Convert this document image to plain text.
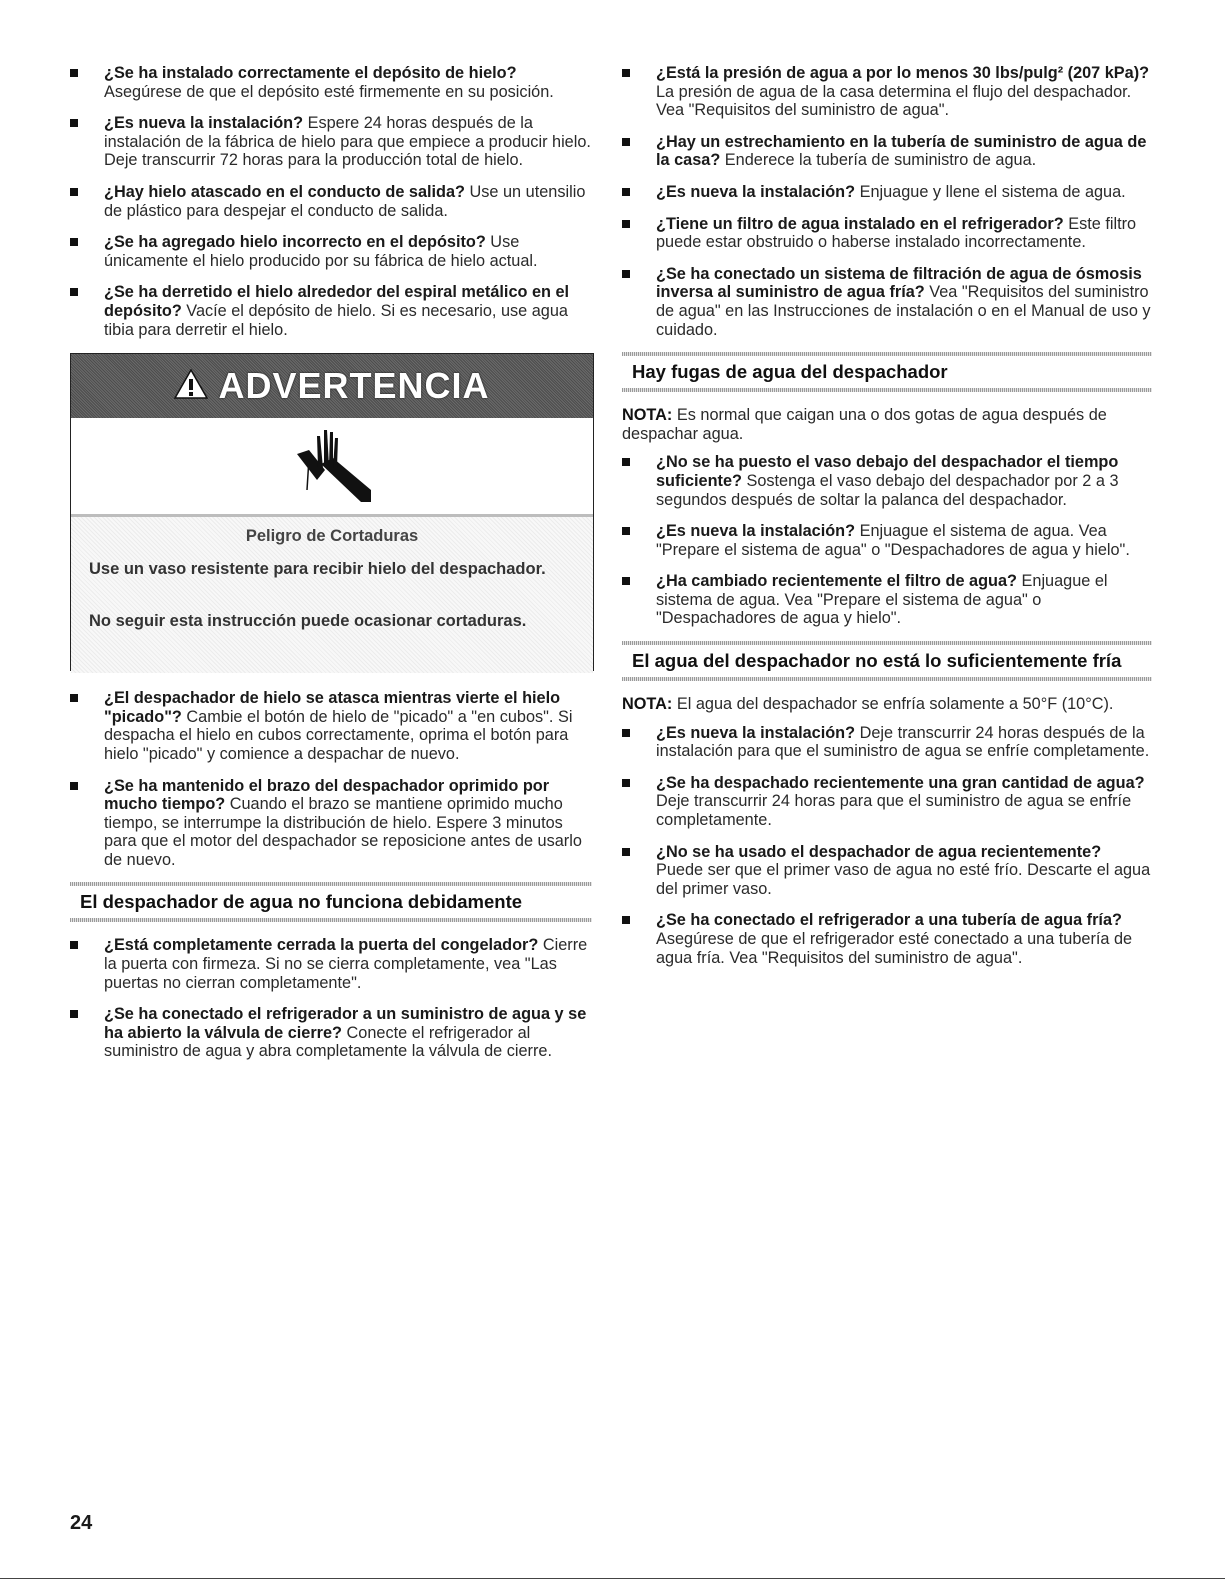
¿Se ha instalado correctamente el depósito de hielo? Asegúrese de que el depósito esté firmemente en su posición.
¿Es nueva la instalación? Espere 24 horas después de la instalación de la fábrica de hielo para que empiece a producir hielo. Deje transcurrir 72 horas para la producción total de hielo.
¿Hay hielo atascado en el conducto de salida? Use un utensilio de plástico para despejar el conducto de salida.
¿Se ha agregado hielo incorrecto en el depósito? Use únicamente el hielo producido por su fábrica de hielo actual.
¿Se ha derretido el hielo alrededor del espiral metálico en el depósito? Vacíe el depósito de hielo. Si es necesario, use agua tibia para derretir el hielo.
ADVERTENCIA
Peligro de Cortaduras
Use un vaso resistente para recibir hielo del despachador.
No seguir esta instrucción puede ocasionar cortaduras.
¿El despachador de hielo se atasca mientras vierte el hielo "picado"? Cambie el botón de hielo de "picado" a "en cubos". Si despacha el hielo en cubos correctamente, oprima el botón para hielo "picado" y comience a despachar de nuevo.
¿Se ha mantenido el brazo del despachador oprimido por mucho tiempo? Cuando el brazo se mantiene oprimido mucho tiempo, se interrumpe la distribución de hielo. Espere 3 minutos para que el motor del despachador se reposicione antes de usarlo de nuevo.
El despachador de agua no funciona debidamente
¿Está completamente cerrada la puerta del congelador? Cierre la puerta con firmeza. Si no se cierra completamente, vea "Las puertas no cierran completamente".
¿Se ha conectado el refrigerador a un suministro de agua y se ha abierto la válvula de cierre? Conecte el refrigerador al suministro de agua y abra completamente la válvula de cierre.
¿Está la presión de agua a por lo menos 30 lbs/pulg² (207 kPa)? La presión de agua de la casa determina el flujo del despachador. Vea "Requisitos del suministro de agua".
¿Hay un estrechamiento en la tubería de suministro de agua de la casa? Enderece la tubería de suministro de agua.
¿Es nueva la instalación? Enjuague y llene el sistema de agua.
¿Tiene un filtro de agua instalado en el refrigerador? Este filtro puede estar obstruido o haberse instalado incorrectamente.
¿Se ha conectado un sistema de filtración de agua de ósmosis inversa al suministro de agua fría? Vea "Requisitos del suministro de agua" en las Instrucciones de instalación o en el Manual de uso y cuidado.
Hay fugas de agua del despachador

NOTA: Es normal que caigan una o dos gotas de agua después de despachar agua.

¿No se ha puesto el vaso debajo del despachador el tiempo suficiente? Sostenga el vaso debajo del despachador por 2 a 3 segundos después de soltar la palanca del despachador.
¿Es nueva la instalación? Enjuague el sistema de agua. Vea "Prepare el sistema de agua" o "Despachadores de agua y hielo".
¿Ha cambiado recientemente el filtro de agua? Enjuague el sistema de agua. Vea "Prepare el sistema de agua" o "Despachadores de agua y hielo".
El agua del despachador no está lo suficientemente fría

NOTA: El agua del despachador se enfría solamente a 50°F (10°C).

¿Es nueva la instalación? Deje transcurrir 24 horas después de la instalación para que el suministro de agua se enfríe completamente.
¿Se ha despachado recientemente una gran cantidad de agua? Deje transcurrir 24 horas para que el suministro de agua se enfríe completamente.
¿No se ha usado el despachador de agua recientemente? Puede ser que el primer vaso de agua no esté frío. Descarte el agua del primer vaso.
¿Se ha conectado el refrigerador a una tubería de agua fría? Asegúrese de que el refrigerador esté conectado a una tubería de agua fría. Vea "Requisitos del suministro de agua".
24
